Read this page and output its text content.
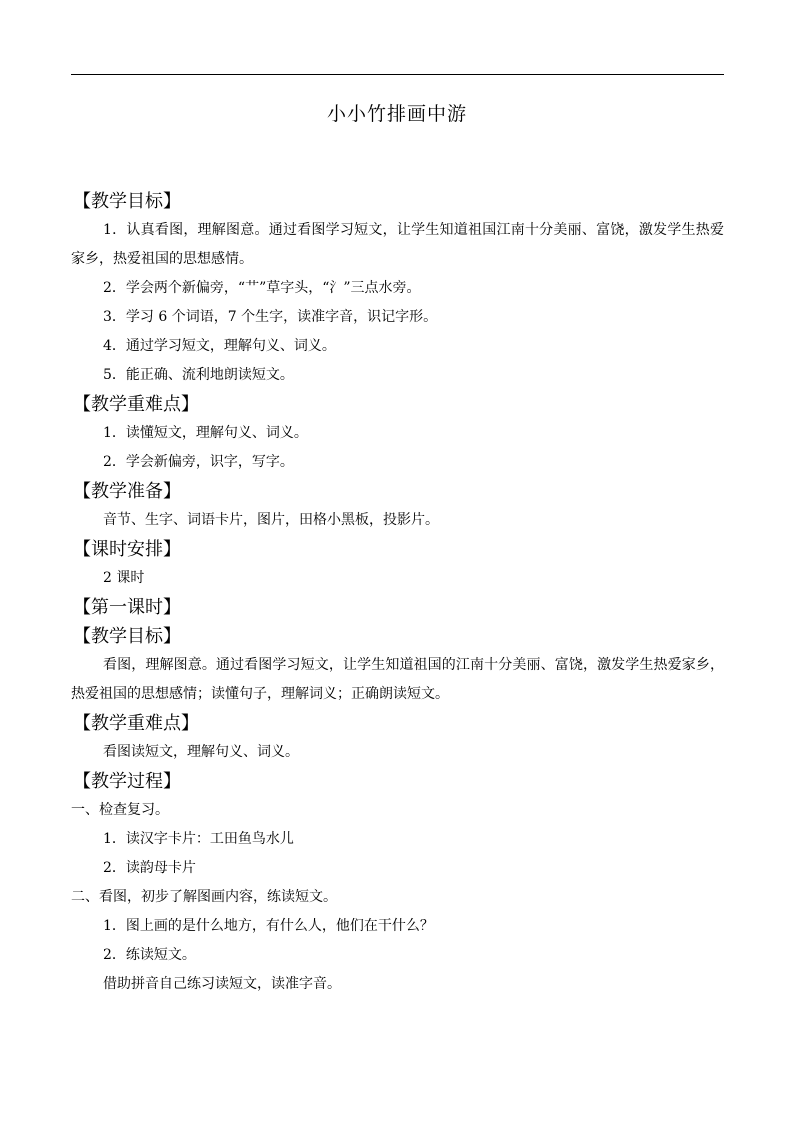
小小竹排画中游
【教学目标】
1．认真看图，理解图意。通过看图学习短文，让学生知道祖国江南十分美丽、富饶，激发学生热爱家乡，热爱祖国的思想感情。
2．学会两个新偏旁，“艹”草字头，“氵”三点水旁。
3．学习 6 个词语，7 个生字，读准字音，识记字形。
4．通过学习短文，理解句义、词义。
5．能正确、流利地朗读短文。
【教学重难点】
1．读懂短文，理解句义、词义。
2．学会新偏旁，识字，写字。
【教学准备】
音节、生字、词语卡片，图片，田格小黑板，投影片。
【课时安排】
2 课时
【第一课时】
【教学目标】
看图，理解图意。通过看图学习短文，让学生知道祖国的江南十分美丽、富饶，激发学生热爱家乡，热爱祖国的思想感情；读懂句子，理解词义；正确朗读短文。
【教学重难点】
看图读短文，理解句义、词义。
【教学过程】
一、检查复习。
1．读汉字卡片：工田鱼鸟水儿
2．读韵母卡片
二、看图，初步了解图画内容，练读短文。
1．图上画的是什么地方，有什么人，他们在干什么？
2．练读短文。
借助拼音自己练习读短文，读准字音。
